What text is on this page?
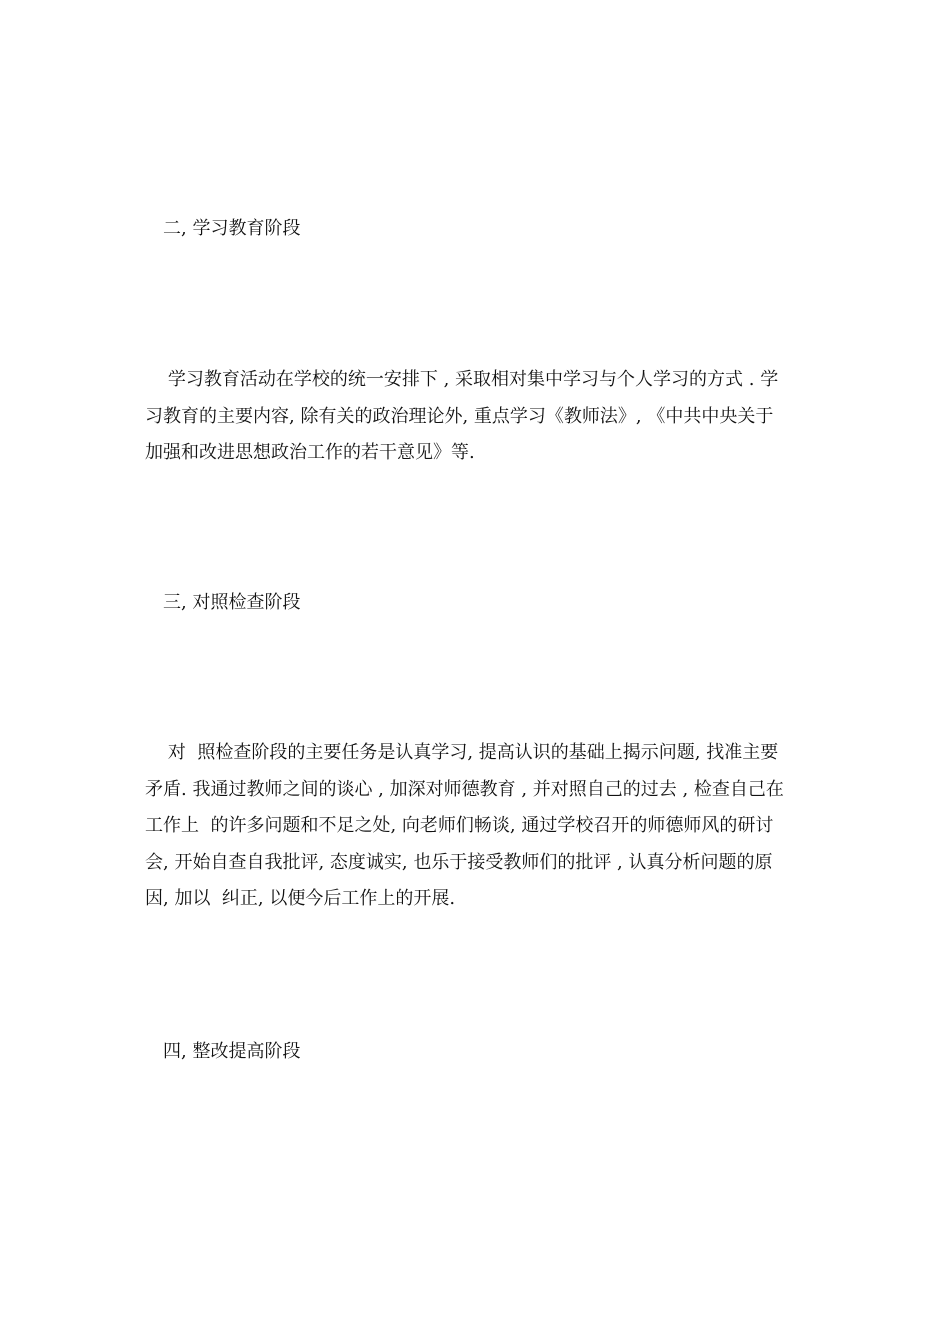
二, 学习教育阶段
学习教育活动在学校的统一安排下 , 采取相对集中学习与个人学习的方式 . 学
习教育的主要内容, 除有关的政治理论外, 重点学习《教师法》, 《中共中央关于
加强和改进思想政治工作的若干意见》等.
三, 对照检查阶段
对  照检查阶段的主要任务是认真学习, 提高认识的基础上揭示问题, 找准主要
矛盾. 我通过教师之间的谈心 , 加深对师德教育 , 并对照自己的过去 , 检查自己在
工作上  的许多问题和不足之处, 向老师们畅谈, 通过学校召开的师德师风的研讨
会, 开始自查自我批评, 态度诚实, 也乐于接受教师们的批评 , 认真分析问题的原
因, 加以  纠正, 以便今后工作上的开展.
四, 整改提高阶段
